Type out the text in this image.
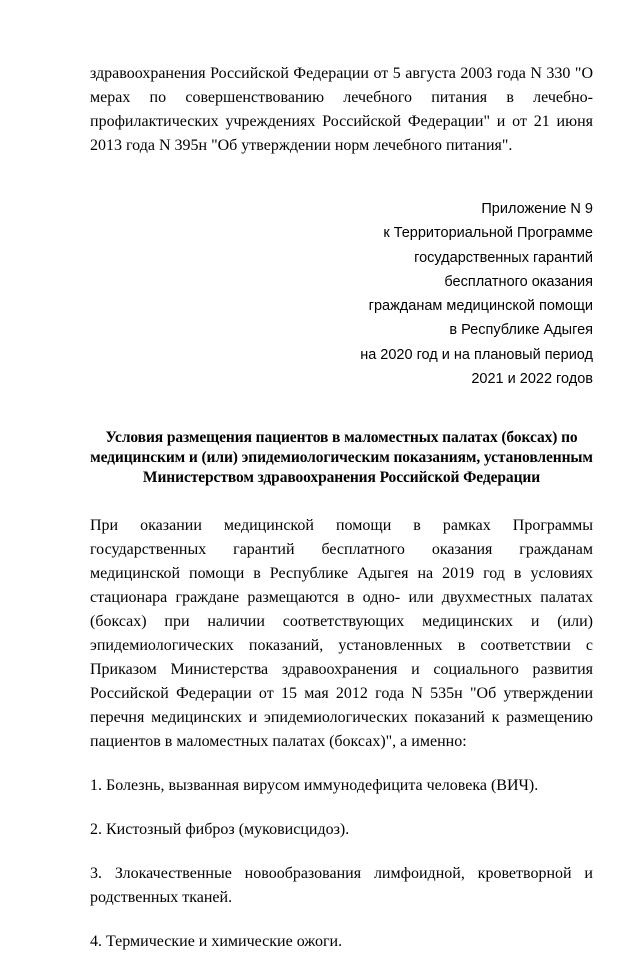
здравоохранения Российской Федерации от 5 августа 2003 года N 330 "О мерах по совершенствованию лечебного питания в лечебно-профилактических учреждениях Российской Федерации" и от 21 июня 2013 года N 395н "Об утверждении норм лечебного питания".

Приложение N 9
к Территориальной Программе
государственных гарантий
бесплатного оказания
гражданам медицинской помощи
в Республике Адыгея
на 2020 год и на плановый период
2021 и 2022 годов
Условия размещения пациентов в маломестных палатах (боксах) по медицинским и (или) эпидемиологическим показаниям, установленным Министерством здравоохранения Российской Федерации

При оказании медицинской помощи в рамках Программы государственных гарантий бесплатного оказания гражданам медицинской помощи в Республике Адыгея на 2019 год в условиях стационара граждане размещаются в одно- или двухместных палатах (боксах) при наличии соответствующих медицинских и (или) эпидемиологических показаний, установленных в соответствии с Приказом Министерства здравоохранения и социального развития Российской Федерации от 15 мая 2012 года N 535н "Об утверждении перечня медицинских и эпидемиологических показаний к размещению пациентов в маломестных палатах (боксах)", а именно:

1. Болезнь, вызванная вирусом иммунодефицита человека (ВИЧ).
2. Кистозный фиброз (муковисцидоз).
3. Злокачественные новообразования лимфоидной, кроветворной и родственных тканей.
4. Термические и химические ожоги.
